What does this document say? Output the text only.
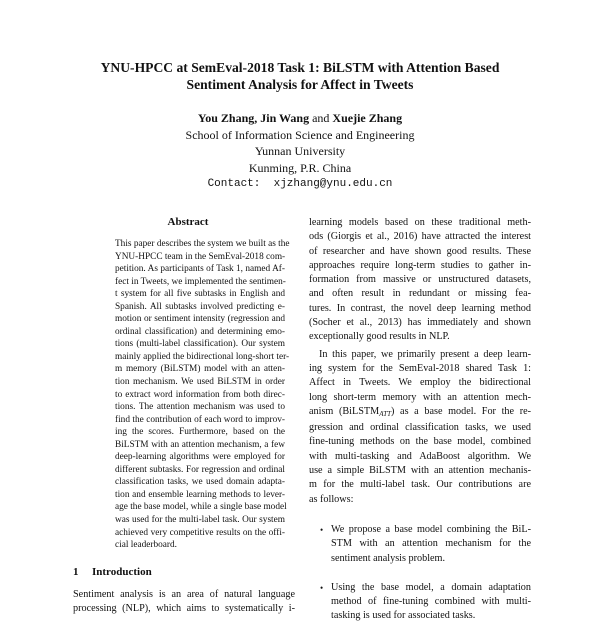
YNU-HPCC at SemEval-2018 Task 1: BiLSTM with Attention Based
Sentiment Analysis for Affect in Tweets
You Zhang, Jin Wang and Xuejie Zhang
School of Information Science and Engineering
Yunnan University
Kunming, P.R. China
Contact:  xjzhang@ynu.edu.cn
Abstract
This paper describes the system we built as the
YNU-HPCC team in the SemEval-2018 com-
petition. As participants of Task 1, named Af-
fect in Tweets, we implemented the sentimen-
t system for all five subtasks in English and
Spanish. All subtasks involved predicting e-
motion or sentiment intensity (regression and
ordinal classification) and determining emo-
tions (multi-label classification). Our system
mainly applied the bidirectional long-short ter-
m memory (BiLSTM) model with an atten-
tion mechanism. We used BiLSTM in order
to extract word information from both direc-
tions. The attention mechanism was used to
find the contribution of each word to improv-
ing the scores. Furthermore, based on the
BiLSTM with an attention mechanism, a few
deep-learning algorithms were employed for
different subtasks. For regression and ordinal
classification tasks, we used domain adapta-
tion and ensemble learning methods to lever-
age the base model, while a single base model
was used for the multi-label task. Our system
achieved very competitive results on the offi-
cial leaderboard.
1 Introduction
Sentiment analysis is an area of natural language
processing (NLP), which aims to systematically i-
learning models based on these traditional meth-
ods (Giorgis et al., 2016) have attracted the interest
of researcher and have shown good results. These
approaches require long-term studies to gather in-
formation from massive or unstructured datasets,
and often result in redundant or missing fea-
tures. In contrast, the novel deep learning method
(Socher et al., 2013) has immediately and shown
exceptionally good results in NLP.
In this paper, we primarily present a deep learn-
ing system for the SemEval-2018 shared Task 1:
Affect in Tweets. We employ the bidirectional
long short-term memory with an attention mech-
anism (BiLSTM$_{ATT}$) as a base model. For the re-
gression and ordinal classification tasks, we used
fine-tuning methods on the base model, combined
with multi-tasking and AdaBoost algorithm. We
use a simple BiLSTM with an attention mechanis-
m for the multi-label task. Our contributions are
as follows:
• We propose a base model combining the BiL-
STM with an attention mechanism for the
sentiment analysis problem.
• Using the base model, a domain adaptation
method of fine-tuning combined with multi-
tasking is used for associated tasks.
